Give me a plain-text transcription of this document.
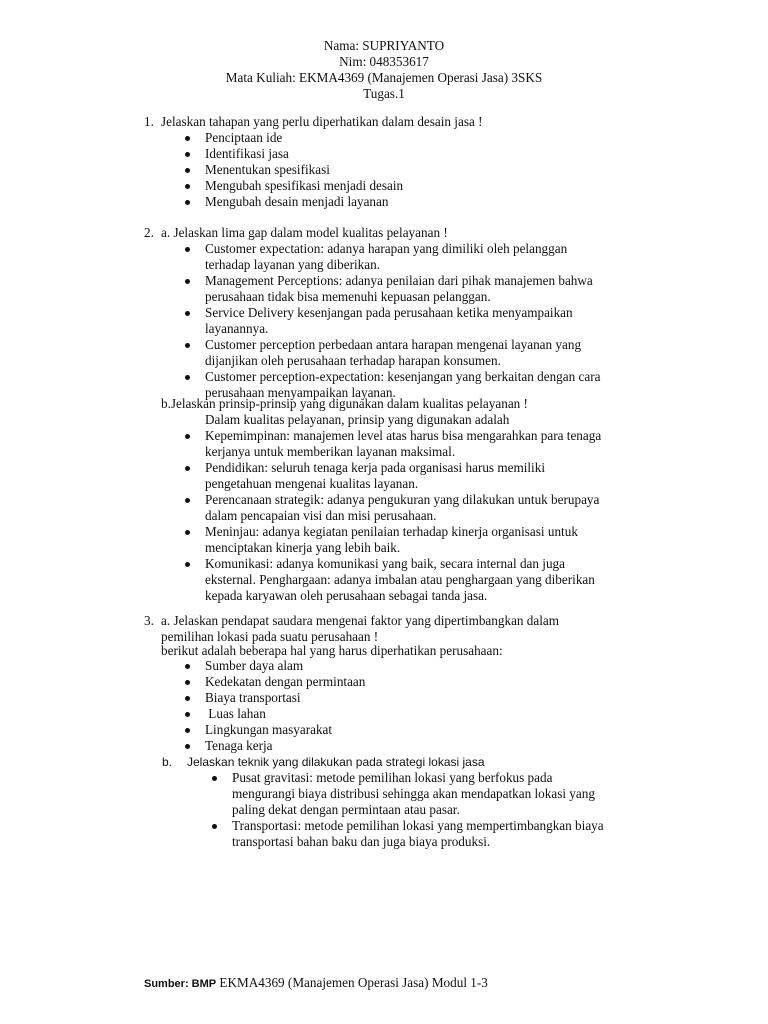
Nama: SUPRIYANTO
Nim: 048353617
Mata Kuliah: EKMA4369 (Manajemen Operasi Jasa) 3SKS
Tugas.1
1. Jelaskan tahapan yang perlu diperhatikan dalam desain jasa !
Penciptaan ide
Identifikasi jasa
Menentukan spesifikasi
Mengubah spesifikasi menjadi desain
Mengubah desain menjadi layanan
2. a. Jelaskan lima gap dalam model kualitas pelayanan !
Customer expectation: adanya harapan yang dimiliki oleh pelanggan
terhadap layanan yang diberikan.
Management Perceptions: adanya penilaian dari pihak manajemen bahwa
perusahaan tidak bisa memenuhi kepuasan pelanggan.
Service Delivery kesenjangan pada perusahaan ketika menyampaikan
layanannya.
Customer perception perbedaan antara harapan mengenai layanan yang
dijanjikan oleh perusahaan terhadap harapan konsumen.
Customer perception-expectation: kesenjangan yang berkaitan dengan cara
perusahaan menyampaikan layanan.
b.Jelaskan prinsip-prinsip yang digunakan dalam kualitas pelayanan !
Dalam kualitas pelayanan, prinsip yang digunakan adalah
Kepemimpinan: manajemen level atas harus bisa mengarahkan para tenaga
kerjanya untuk memberikan layanan maksimal.
Pendidikan: seluruh tenaga kerja pada organisasi harus memiliki
pengetahuan mengenai kualitas layanan.
Perencanaan strategik: adanya pengukuran yang dilakukan untuk berupaya
dalam pencapaian visi dan misi perusahaan.
Meninjau: adanya kegiatan penilaian terhadap kinerja organisasi untuk
menciptakan kinerja yang lebih baik.
Komunikasi: adanya komunikasi yang baik, secara internal dan juga
eksternal. Penghargaan: adanya imbalan atau penghargaan yang diberikan
kepada karyawan oleh perusahaan sebagai tanda jasa.
3. a. Jelaskan pendapat saudara mengenai faktor yang dipertimbangkan dalam
pemilihan lokasi pada suatu perusahaan !
berikut adalah beberapa hal yang harus diperhatikan perusahaan:
Sumber daya alam
Kedekatan dengan permintaan
Biaya transportasi
Luas lahan
Lingkungan masyarakat
Tenaga kerja
b. Jelaskan teknik yang dilakukan pada strategi lokasi jasa
Pusat gravitasi: metode pemilihan lokasi yang berfokus pada
mengurangi biaya distribusi sehingga akan mendapatkan lokasi yang
paling dekat dengan permintaan atau pasar.
Transportasi: metode pemilihan lokasi yang mempertimbangkan biaya
transportasi bahan baku dan juga biaya produksi.
Sumber: BMP EKMA4369 (Manajemen Operasi Jasa) Modul 1-3
